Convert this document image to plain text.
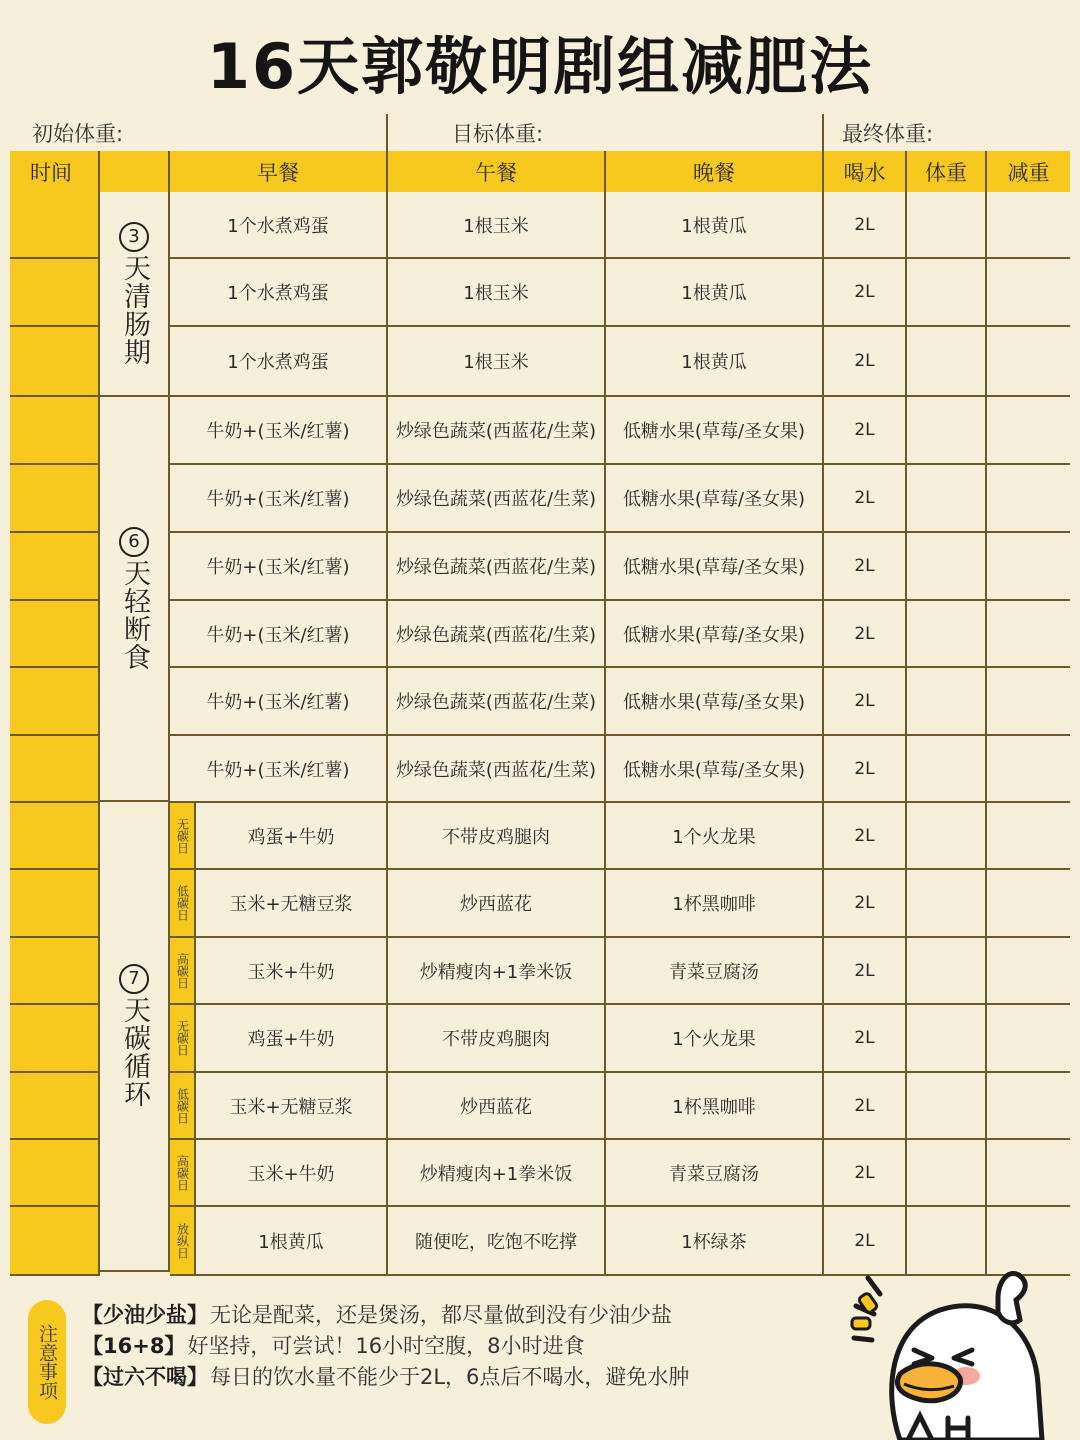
16天郭敬明剧组减肥法
初始体重:	目标体重:	最终体重:
时间	早餐	午餐	晚餐	喝水	体重	减重
3
天清肠期
6
天轻断食
7
天碳循环
1个水煮鸡蛋	1根玉米	1根黄瓜	2L
1个水煮鸡蛋	1根玉米	1根黄瓜	2L
1个水煮鸡蛋	1根玉米	1根黄瓜	2L
牛奶+(玉米/红薯)	炒绿色蔬菜(西蓝花/生菜)	低糖水果(草莓/圣女果)	2L
牛奶+(玉米/红薯)	炒绿色蔬菜(西蓝花/生菜)	低糖水果(草莓/圣女果)	2L
牛奶+(玉米/红薯)	炒绿色蔬菜(西蓝花/生菜)	低糖水果(草莓/圣女果)	2L
牛奶+(玉米/红薯)	炒绿色蔬菜(西蓝花/生菜)	低糖水果(草莓/圣女果)	2L
牛奶+(玉米/红薯)	炒绿色蔬菜(西蓝花/生菜)	低糖水果(草莓/圣女果)	2L
牛奶+(玉米/红薯)	炒绿色蔬菜(西蓝花/生菜)	低糖水果(草莓/圣女果)	2L
无碳日	鸡蛋+牛奶	不带皮鸡腿肉	1个火龙果	2L
低碳日	玉米+无糖豆浆	炒西蓝花	1杯黑咖啡	2L
高碳日	玉米+牛奶	炒精瘦肉+1拳米饭	青菜豆腐汤	2L
无碳日	鸡蛋+牛奶	不带皮鸡腿肉	1个火龙果	2L
低碳日	玉米+无糖豆浆	炒西蓝花	1杯黑咖啡	2L
高碳日	玉米+牛奶	炒精瘦肉+1拳米饭	青菜豆腐汤	2L
放纵日	1根黄瓜	随便吃，吃饱不吃撑	1杯绿茶	2L
注意事项
【少油少盐】无论是配菜，还是煲汤，都尽量做到没有少油少盐
【16+8】好坚持，可尝试！16小时空腹，8小时进食
【过六不喝】每日的饮水量不能少于2L，6点后不喝水，避免水肿
